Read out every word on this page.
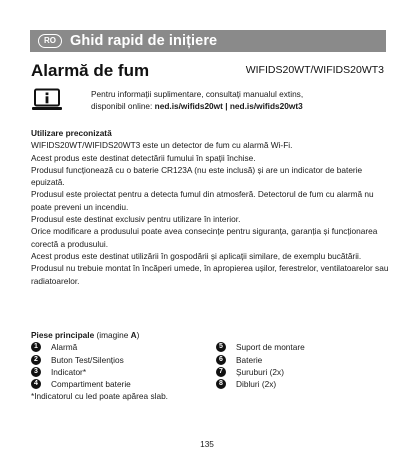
RO Ghid rapid de inițiere
Alarmă de fum	WIFIDS20WT/WIFIDS20WT3
Pentru informații suplimentare, consultați manualul extins,
disponibil online: ned.is/wifids20wt | ned.is/wifids20wt3
Utilizare preconizată

WIFIDS20WT/WIFIDS20WT3 este un detector de fum cu alarmă Wi-Fi.

Acest produs este destinat detectării fumului în spații închise.

Produsul funcționează cu o baterie CR123A (nu este inclusă) și are un indicator de baterie epuizată.

Produsul este proiectat pentru a detecta fumul din atmosferă. Detectorul de fum cu alarmă nu poate preveni un incendiu.

Produsul este destinat exclusiv pentru utilizare în interior.

Orice modificare a produsului poate avea consecințe pentru siguranța, garanția și funcționarea corectă a produsului.

Acest produs este destinat utilizării în gospodării și aplicații similare, de exemplu bucătării.

Produsul nu trebuie montat în încăperi umede, în apropierea ușilor, ferestrelor, ventilatoarelor sau radiatoarelor.

Piese principale (imagine A)
1	Alarmă	5	Suport de montare
2	Buton Test/Silențios	6	Baterie
3	Indicator*	7	Șuruburi (2x)
4	Compartiment baterie	8	Dibluri (2x)
*Indicatorul cu led poate apărea slab.
135
